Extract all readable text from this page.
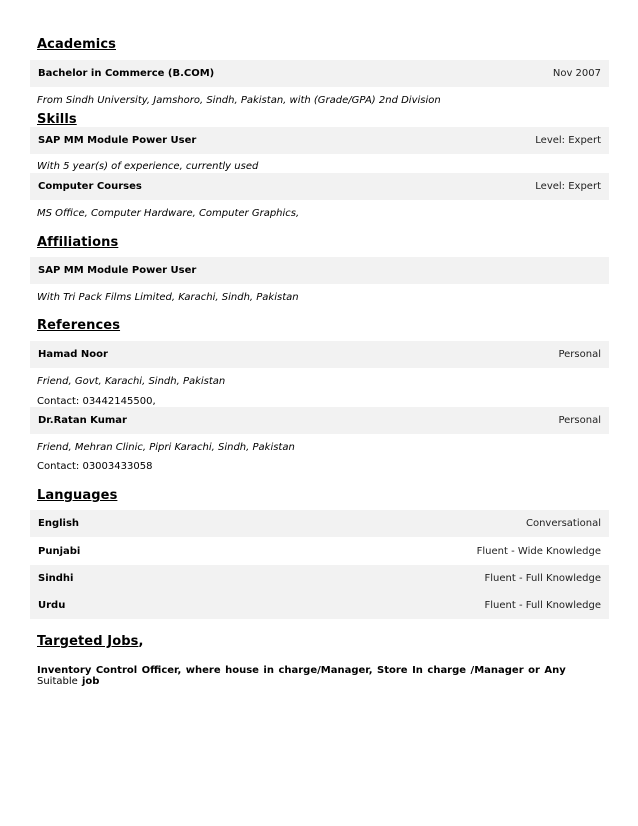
Academics
Bachelor in Commerce (B.COM)	Nov 2007
From Sindh University, Jamshoro, Sindh, Pakistan, with (Grade/GPA) 2nd Division
Skills
SAP MM Module Power User	Level: Expert
With 5 year(s) of experience, currently used
Computer Courses	Level: Expert
MS Office, Computer Hardware, Computer Graphics,
Affiliations
SAP MM Module Power User
With Tri Pack Films Limited, Karachi, Sindh, Pakistan
References
Hamad Noor	Personal
Friend, Govt, Karachi, Sindh, Pakistan
Contact: 03442145500,
Dr.Ratan Kumar	Personal
Friend, Mehran Clinic, Pipri Karachi, Sindh, Pakistan
Contact: 03003433058
Languages
English	Conversational
Punjabi	Fluent - Wide Knowledge
Sindhi	Fluent - Full Knowledge
Urdu	Fluent - Full Knowledge
Targeted Jobs,
Inventory Control Officer, where house in charge/Manager, Store In charge /Manager or Any Suitable job
